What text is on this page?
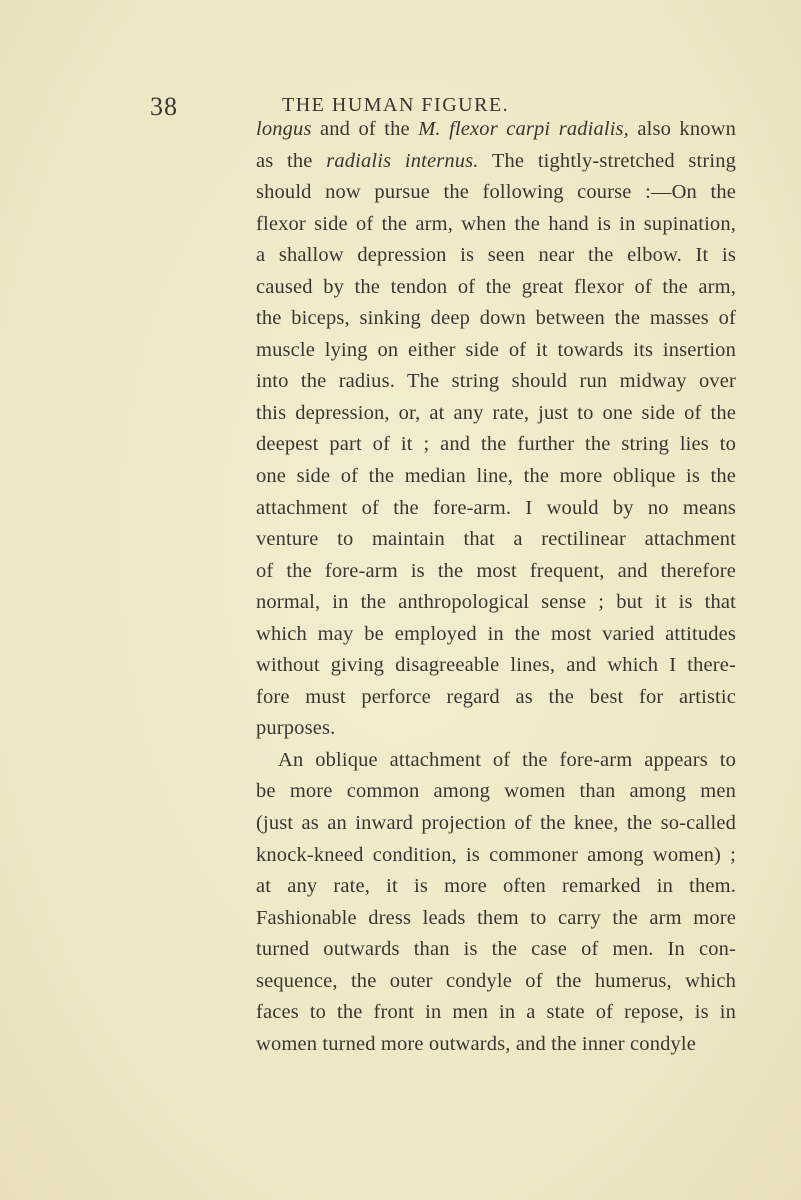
38	THE HUMAN FIGURE.
longus and of the M. flexor carpi radialis, also known
as the radialis internus. The tightly-stretched string
should now pursue the following course :—On the
flexor side of the arm, when the hand is in supination,
a shallow depression is seen near the elbow. It is
caused by the tendon of the great flexor of the arm,
the biceps, sinking deep down between the masses of
muscle lying on either side of it towards its insertion
into the radius. The string should run midway over
this depression, or, at any rate, just to one side of the
deepest part of it ; and the further the string lies to
one side of the median line, the more oblique is the
attachment of the fore-arm. I would by no means
venture to maintain that a rectilinear attachment
of the fore-arm is the most frequent, and therefore
normal, in the anthropological sense ; but it is that
which may be employed in the most varied attitudes
without giving disagreeable lines, and which I there-
fore must perforce regard as the best for artistic
purposes.
An oblique attachment of the fore-arm appears to
be more common among women than among men
(just as an inward projection of the knee, the so-called
knock-kneed condition, is commoner among women) ;
at any rate, it is more often remarked in them.
Fashionable dress leads them to carry the arm more
turned outwards than is the case of men. In con-
sequence, the outer condyle of the humerus, which
faces to the front in men in a state of repose, is in
women turned more outwards, and the inner condyle
